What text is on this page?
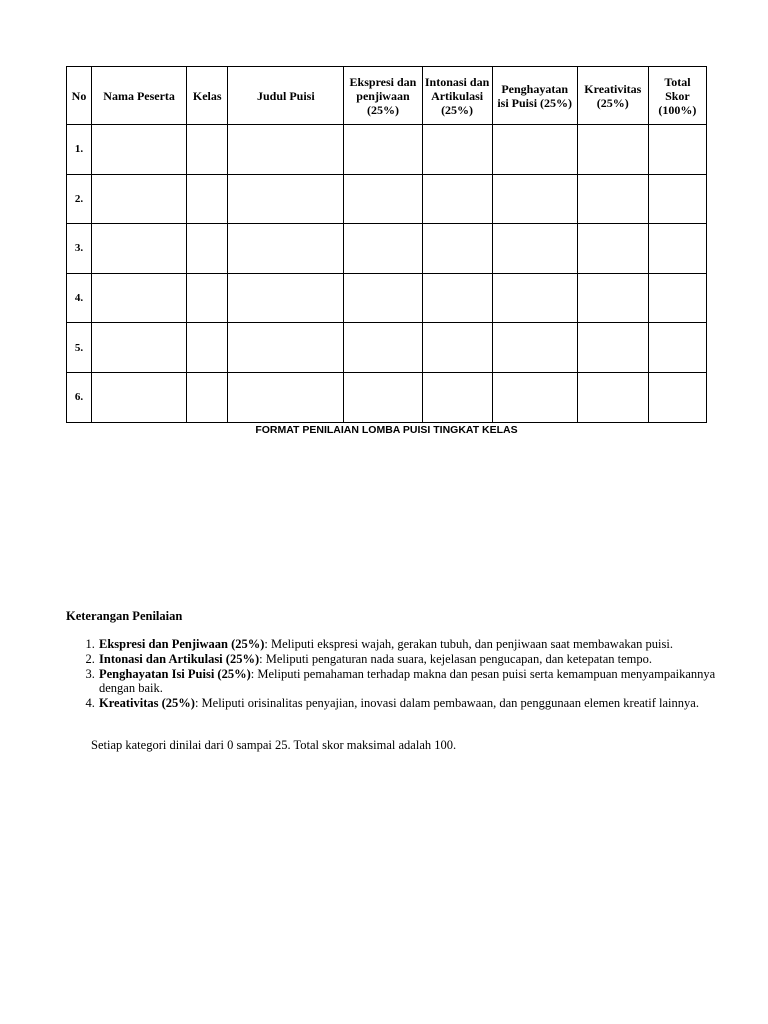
No	Nama Peserta	Kelas	Judul Puisi	Ekspresi dan penjiwaan (25%)	Intonasi dan Artikulasi (25%)	Penghayatan isi Puisi (25%)	Kreativitas (25%)	Total Skor (100%)
1.								
2.								
3.								
4.								
5.								
6.								
FORMAT PENILAIAN LOMBA PUISI TINGKAT KELAS
Keterangan Penilaian
1. Ekspresi dan Penjiwaan (25%): Meliputi ekspresi wajah, gerakan tubuh, dan penjiwaan saat membawakan puisi.
2. Intonasi dan Artikulasi (25%): Meliputi pengaturan nada suara, kejelasan pengucapan, dan ketepatan tempo.
3. Penghayatan Isi Puisi (25%): Meliputi pemahaman terhadap makna dan pesan puisi serta kemampuan menyampaikannya dengan baik.
4. Kreativitas (25%): Meliputi orisinalitas penyajian, inovasi dalam pembawaan, dan penggunaan elemen kreatif lainnya.
Setiap kategori dinilai dari 0 sampai 25. Total skor maksimal adalah 100.
